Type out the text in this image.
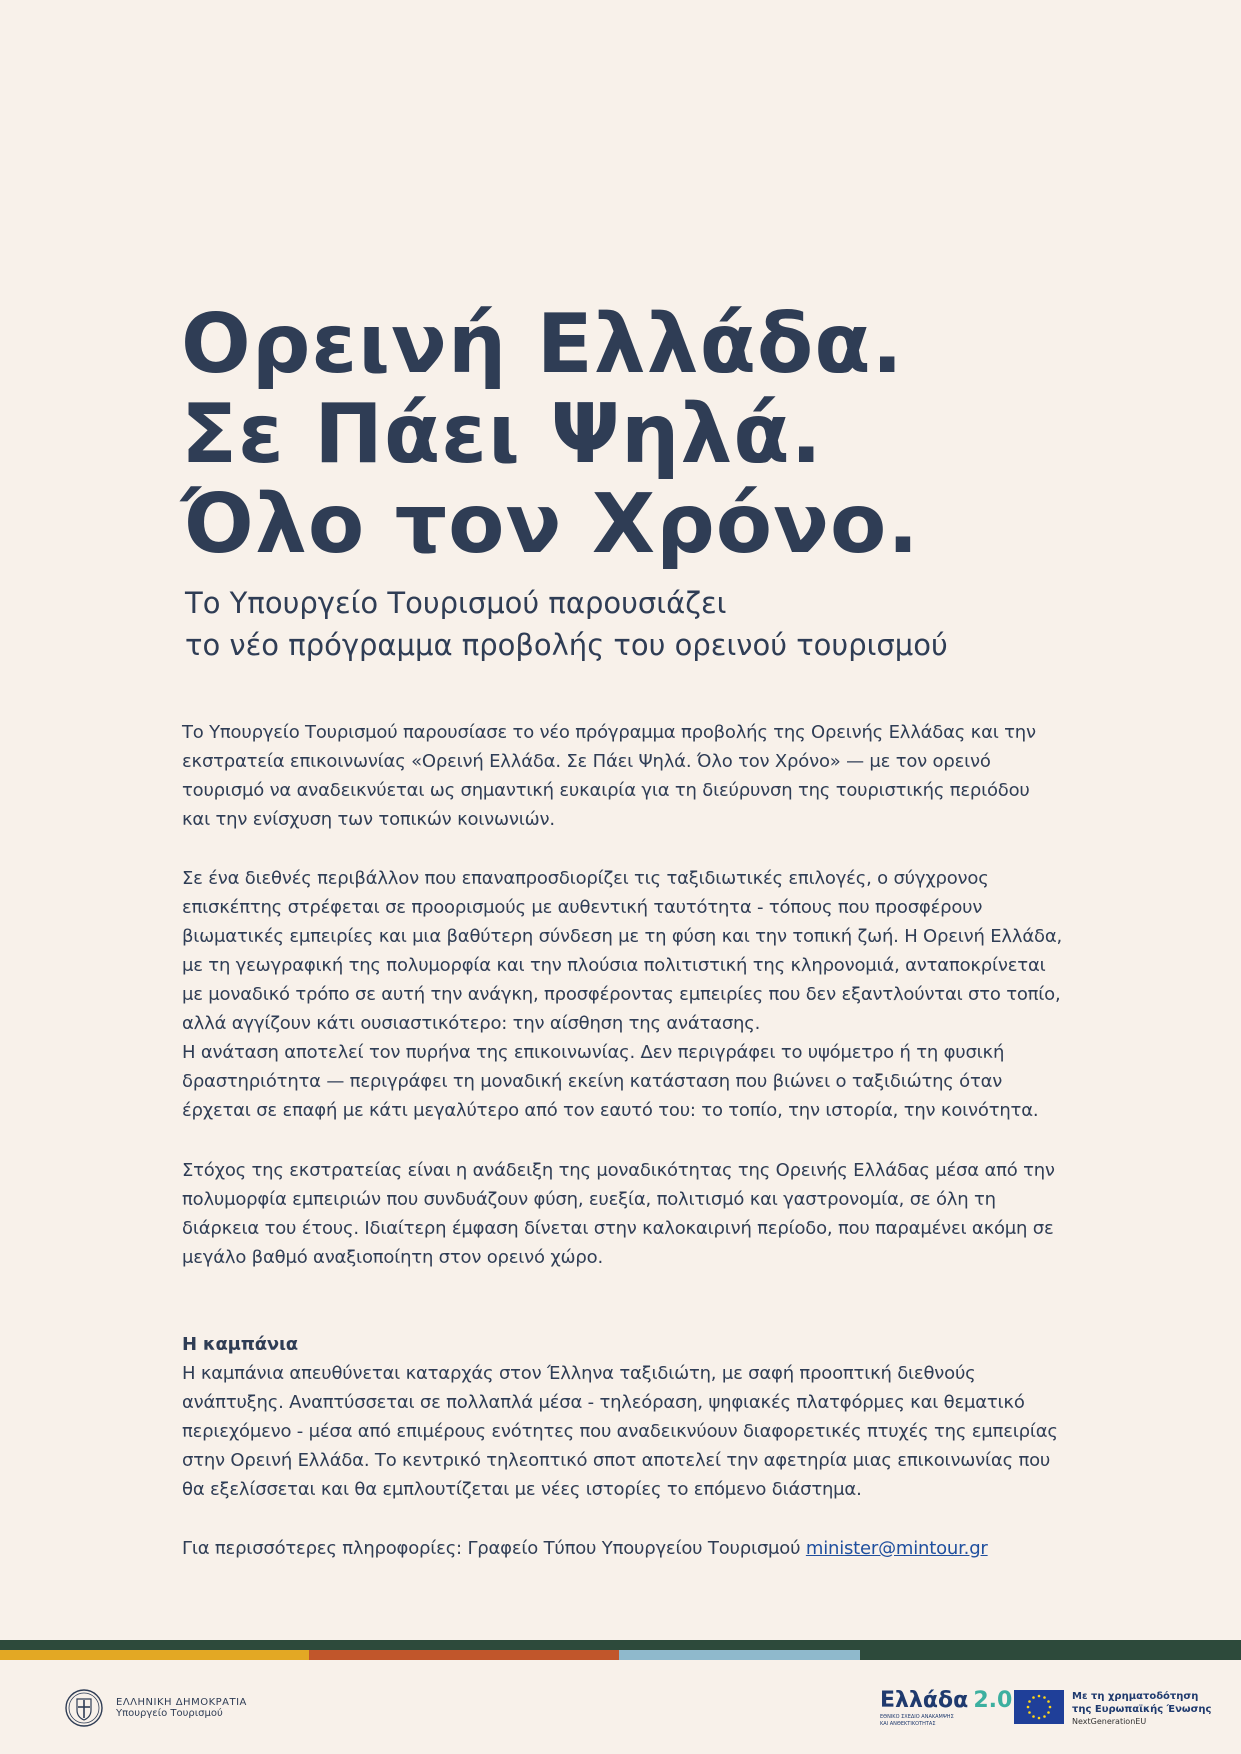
Ορεινή Ελλάδα.
Σε Πάει Ψηλά.
Όλο τον Χρόνο.
Το Υπουργείο Τουρισμού παρουσιάζει
το νέο πρόγραμμα προβολής του ορεινού τουρισμού
Το Υπουργείο Τουρισμού παρουσίασε το νέο πρόγραμμα προβολής της Ορεινής Ελλάδας και την εκστρατεία επικοινωνίας «Ορεινή Ελλάδα. Σε Πάει Ψηλά. Όλο τον Χρόνο» — με τον ορεινό τουρισμό να αναδεικνύεται ως σημαντική ευκαιρία για τη διεύρυνση της τουριστικής περιόδου και την ενίσχυση των τοπικών κοινωνιών.
Σε ένα διεθνές περιβάλλον που επαναπροσδιορίζει τις ταξιδιωτικές επιλογές, ο σύγχρονος επισκέπτης στρέφεται σε προορισμούς με αυθεντική ταυτότητα - τόπους που προσφέρουν βιωματικές εμπειρίες και μια βαθύτερη σύνδεση με τη φύση και την τοπική ζωή. Η Ορεινή Ελλάδα, με τη γεωγραφική της πολυμορφία και την πλούσια πολιτιστική της κληρονομιά, ανταποκρίνεται με μοναδικό τρόπο σε αυτή την ανάγκη, προσφέροντας εμπειρίες που δεν εξαντλούνται στο τοπίο, αλλά αγγίζουν κάτι ουσιαστικότερο: την αίσθηση της ανάτασης.
Η ανάταση αποτελεί τον πυρήνα της επικοινωνίας. Δεν περιγράφει το υψόμετρο ή τη φυσική δραστηριότητα — περιγράφει τη μοναδική εκείνη κατάσταση που βιώνει ο ταξιδιώτης όταν έρχεται σε επαφή με κάτι μεγαλύτερο από τον εαυτό του: το τοπίο, την ιστορία, την κοινότητα.
Στόχος της εκστρατείας είναι η ανάδειξη της μοναδικότητας της Ορεινής Ελλάδας μέσα από την πολυμορφία εμπειριών που συνδυάζουν φύση, ευεξία, πολιτισμό και γαστρονομία, σε όλη τη διάρκεια του έτους. Ιδιαίτερη έμφαση δίνεται στην καλοκαιρινή περίοδο, που παραμένει ακόμη σε μεγάλο βαθμό αναξιοποίητη στον ορεινό χώρο.
Η καμπάνια
Η καμπάνια απευθύνεται καταρχάς στον Έλληνα ταξιδιώτη, με σαφή προοπτική διεθνούς ανάπτυξης. Αναπτύσσεται σε πολλαπλά μέσα - τηλεόραση, ψηφιακές πλατφόρμες και θεματικό περιεχόμενο - μέσα από επιμέρους ενότητες που αναδεικνύουν διαφορετικές πτυχές της εμπειρίας στην Ορεινή Ελλάδα. Το κεντρικό τηλεοπτικό σποτ αποτελεί την αφετηρία μιας επικοινωνίας που θα εξελίσσεται και θα εμπλουτίζεται με νέες ιστορίες το επόμενο διάστημα.
Για περισσότερες πληροφορίες: Γραφείο Τύπου Υπουργείου Τουρισμού minister@mintour.gr
ΕΛΛΗΝΙΚΗ ΔΗΜΟΚΡΑΤΙΑ
Υπουργείο Τουρισμού
Ελλάδα 2.0
ΕΘΝΙΚΟ ΣΧΕΔΙΟ ΑΝΑΚΑΜΨΗΣ
ΚΑΙ ΑΝΘΕΚΤΙΚΟΤΗΤΑΣ
Με τη χρηματοδότηση
της Ευρωπαϊκής Ένωσης
NextGenerationEU
